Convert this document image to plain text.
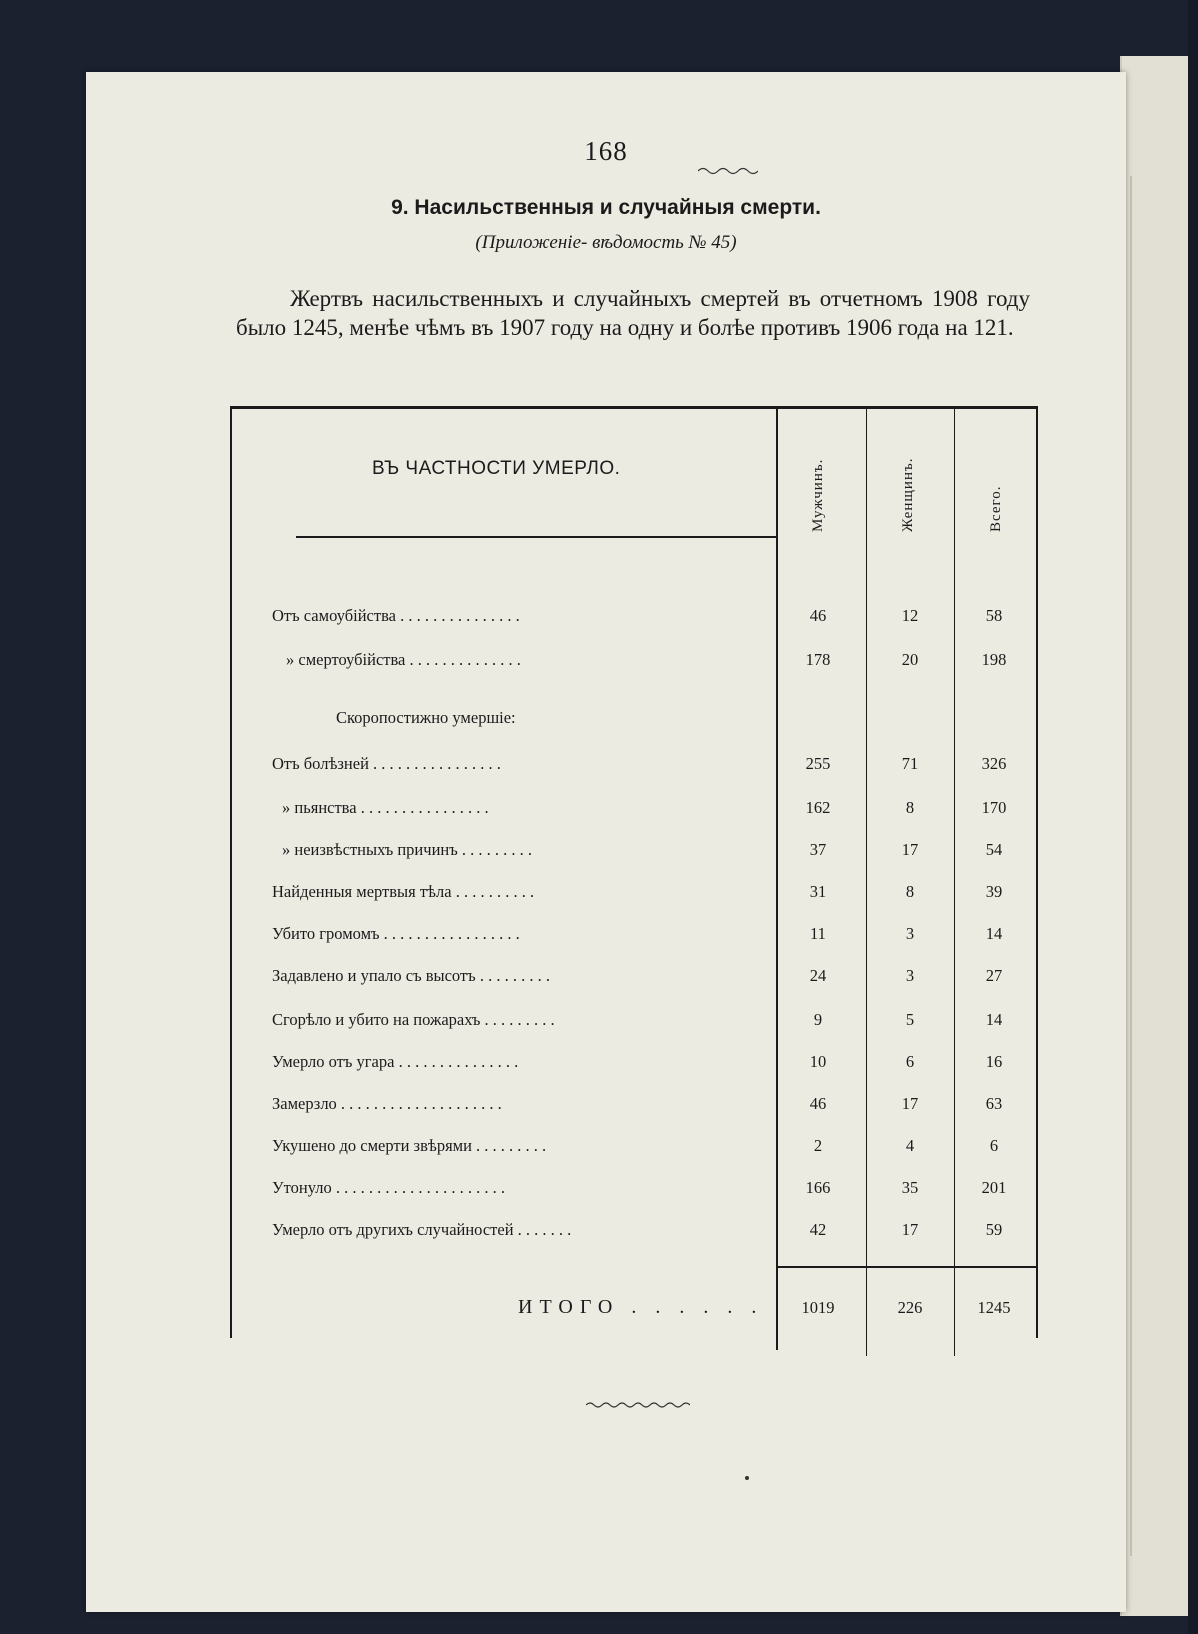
168
9. Насильственныя и случайныя смерти.
(Приложеніе- вѣдомость № 45)

Жертвъ насильственныхъ и случайныхъ смертей въ отчетномъ 1908 году было 1245, менѣе чѣмъ въ 1907 году на одну и болѣе противъ 1906 года на 121.

ВЪ ЧАСТНОСТИ УМЕРЛО.	Мужчинъ.	Женщинъ.	Всего.
Отъ самоубійства . . . . . . . . . . . . . . .	46	12	58
» смертоубійства . . . . . . . . . . . . . .	178	20	198
Скоропостижно умершіе:
Отъ болѣзней . . . . . . . . . . . . . . . .	255	71	326
» пьянства . . . . . . . . . . . . . . . .	162	8	170
» неизвѣстныхъ причинъ . . . . . . . . .	37	17	54
Найденныя мертвыя тѣла . . . . . . . . . .	31	8	39
Убито громомъ . . . . . . . . . . . . . . . . .	11	3	14
Задавлено и упало съ высотъ . . . . . . . . .	24	3	27
Сгорѣло и убито на пожарахъ . . . . . . . . .	9	5	14
Умерло отъ угара . . . . . . . . . . . . . . .	10	6	16
Замерзло . . . . . . . . . . . . . . . . . . . .	46	17	63
Укушено до смерти звѣрями . . . . . . . . .	2	4	6
Утонуло . . . . . . . . . . . . . . . . . . . . .	166	35	201
Умерло отъ другихъ случайностей . . . . . . .	42	17	59
ИТОГО . . . . . .	1019	226	1245
